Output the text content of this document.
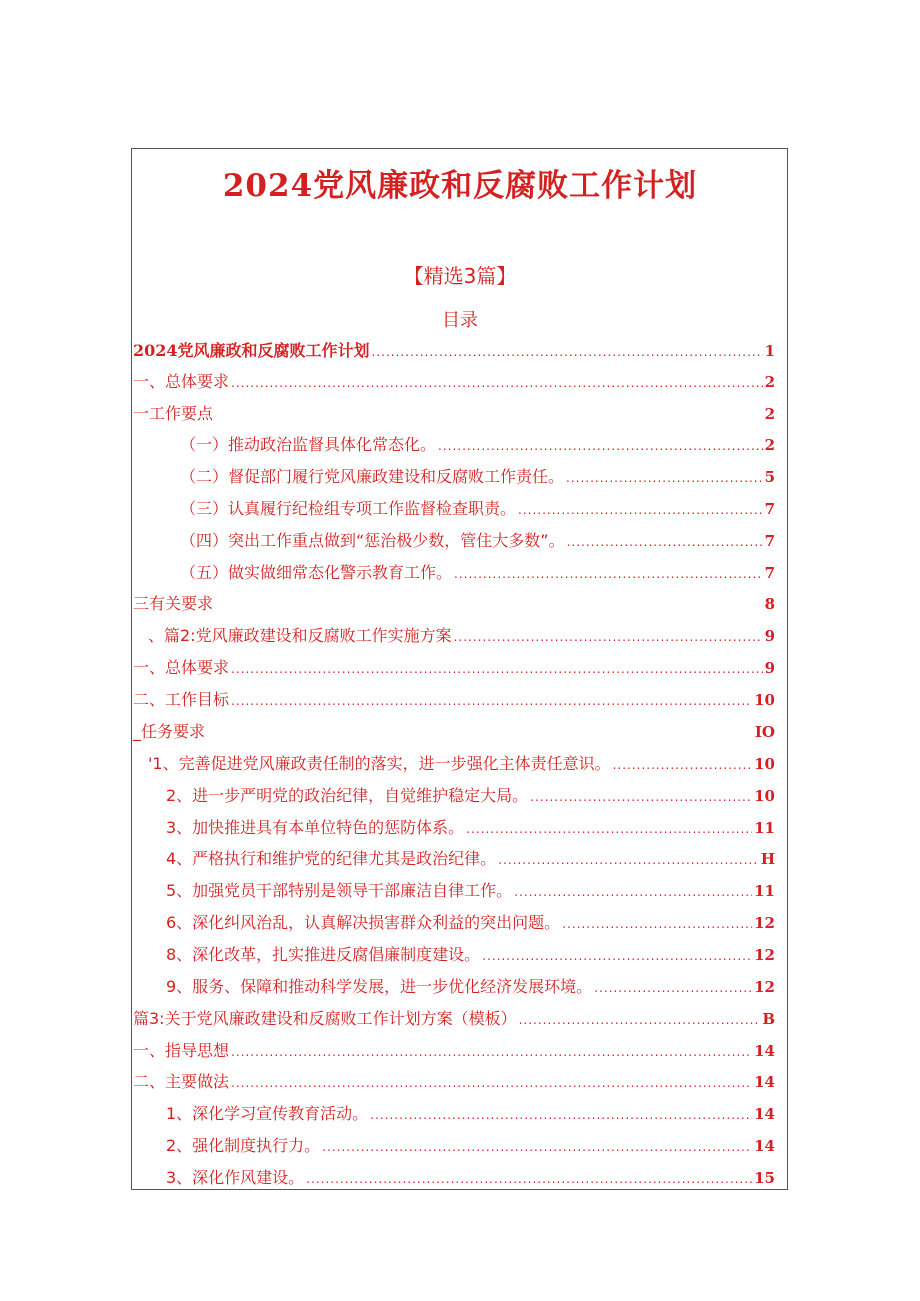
2024党风廉政和反腐败工作计划
【精选3篇】
目录
2024党风廉政和反腐败工作计划 .....	1
一、总体要求 .....	2
一工作要点	2
（一）推动政治监督具体化常态化。 .....	2
（二）督促部门履行党风廉政建设和反腐败工作责任。 .....	5
（三）认真履行纪检组专项工作监督检查职责。 .....	7
（四）突出工作重点做到“惩治极少数，管住大多数”。 .....	7
（五）做实做细常态化警示教育工作。 .....	7
三有关要求	8
、篇2:党风廉政建设和反腐败工作实施方案 .....	9
一、总体要求 .....	9
二、工作目标 .....	10
_任务要求	IO
'1、完善促进党风廉政责任制的落实，进一步强化主体责任意识。 .....	10
2、进一步严明党的政治纪律，自觉维护稳定大局。 .....	10
3、加快推进具有本单位特色的惩防体系。 .....	11
4、严格执行和维护党的纪律尤其是政治纪律。 .....	H
5、加强党员干部特别是领导干部廉洁自律工作。 .....	11
6、深化纠风治乱，认真解决损害群众利益的突出问题。 .....	12
8、深化改革，扎实推进反腐倡廉制度建设。 .....	12
9、服务、保障和推动科学发展，进一步优化经济发展环境。 .....	12
篇3:关于党风廉政建设和反腐败工作计划方案（模板） .....	B
一、指导思想 .....	14
二、主要做法 .....	14
1、深化学习宣传教育活动。 .....	14
2、强化制度执行力。 .....	14
3、深化作风建设。 .....	15
